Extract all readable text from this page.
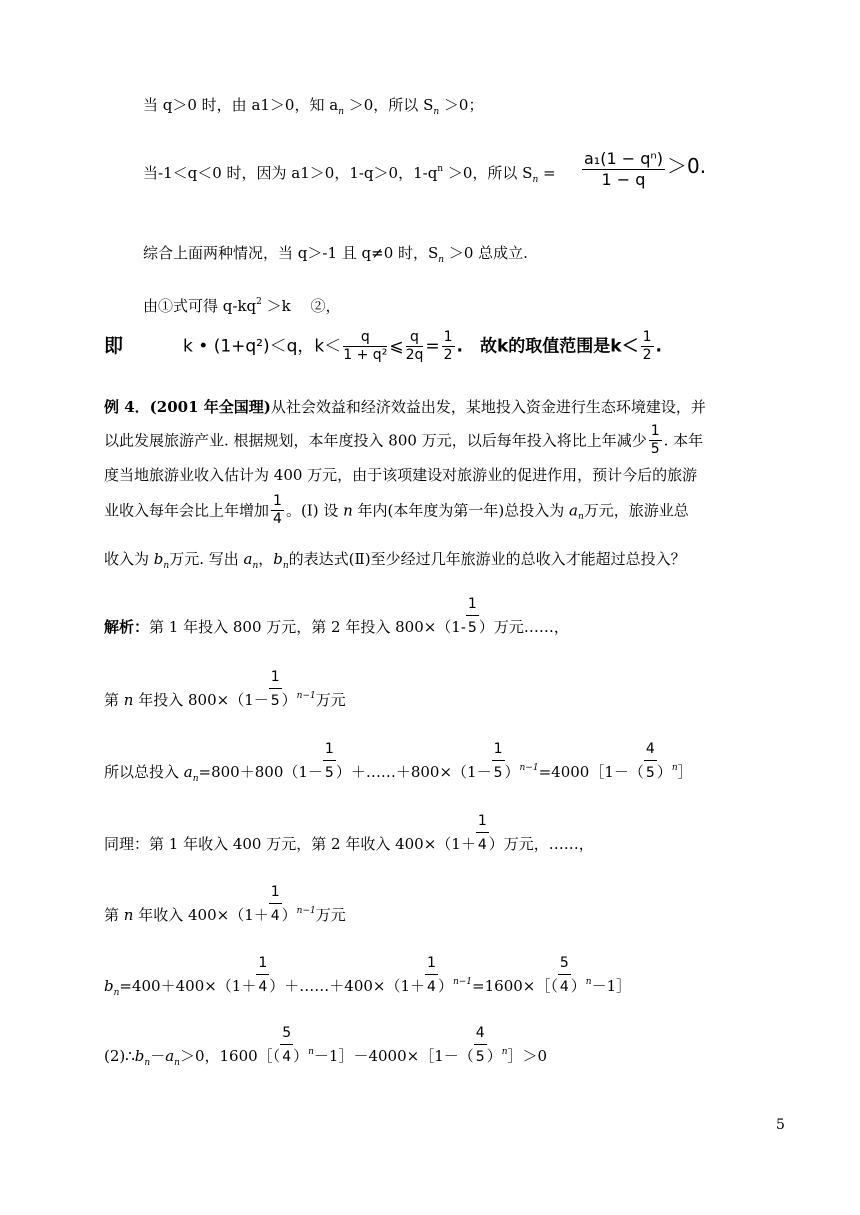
当 q＞0 时，由 a1＞0，知 $a_n >0$，所以 $S_n >0$；
当-1＜q＜0 时，因为 a1＞0，1-q＞0，$1-q^n >0$，所以 $S_n = \frac{\text{a₁(1 − qⁿ)}}{1 - q} >0$.
综合上面两种情况，当 q＞-1 且 q≠0 时，$S_n >0$ 总成立.
由①式可得 $q-kq^2 >k$　 ②，
即	k • (1+q²)＜q，$k< \frac{q}{\text{1 + q²}}$ ⩽ $\frac{q}{2q} = \frac{1}{2}$ .　故k的取值范围是$k< \frac{1}{2}$ .
例 4．(2001 年全国理)从社会效益和经济效益出发，某地投入资金进行生态环境建设，并
以此发展旅游产业. 根据规划，本年度投入 800 万元，以后每年投入将比上年减少 $\frac{1}{5}$ . 本年
度当地旅游业收入估计为 400 万元，由于该项建设对旅游业的促进作用，预计今后的旅游
业收入每年会比上年增加 $\frac{1}{4}$ 。(Ⅰ) 设 n 年内(本年度为第一年)总投入为 $a_n$万元，旅游业总
收入为 $b_n$万元. 写出 $a_n$，$b_n$的表达式(Ⅱ)至少经过几年旅游业的总收入才能超过总投入？
解析：第 1 年投入 800 万元，第 2 年投入 $800\times(1- \frac{1}{5})$万元……，
第 n 年投入 $800\times(1- \frac{1}{5})^{n-1}$万元
所以总投入 $a_n=800+800(1-$ $\frac{1}{5})+\dots\dots+800\times(1-$ $\frac{1}{5})^{n-1}=4000[1-$（ $\frac{4}{5})^n]$
同理：第 1 年收入 400 万元，第 2 年收入 $400\times(1+ \frac{1}{4})$万元，……，
第 n 年收入 $400\times(1+ \frac{1}{4})^{n-1}$万元
$b_n=400+400\times(1+$ $\frac{1}{4})+\dots\dots+400\times(1+$ $\frac{1}{4})^{n-1}=1600\times[$（ $\frac{5}{4})^n-1]$
$(2)\therefore b_n-a_n>0$，1600［（ $\frac{5}{4})^n-1]-4000\times[1-$（ $\frac{4}{5})^n]>0$
5
